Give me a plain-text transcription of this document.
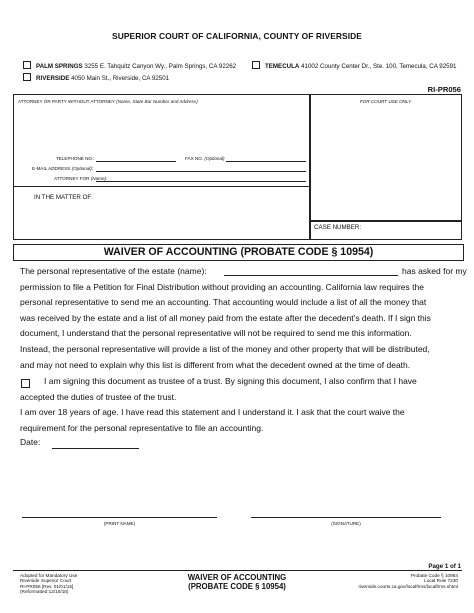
SUPERIOR COURT OF CALIFORNIA, COUNTY OF RIVERSIDE
PALM SPRINGS 3255 E. Tahquitz Canyon Wy., Palm Springs, CA 92262	TEMECULA 41002 County Center Dr., Ste. 100, Temecula, CA 92591
RIVERSIDE 4050 Main St., Riverside, CA 92501
RI-PR056
ATTORNEY OR PARTY WITHOUT ATTORNEY (Name, State Bar Number and Address)	FOR COURT USE ONLY
TELEPHONE NO.:	FAX NO. (Optional)
E-MAIL ADDRESS (Optional):
ATTORNEY FOR (Name):
IN THE MATTER OF:
CASE NUMBER:
WAIVER OF ACCOUNTING (PROBATE CODE § 10954)
The personal representative of the estate (name):	has asked for my
permission to file a Petition for Final Distribution without providing an accounting. California law requires the
personal representative to send me an accounting. That accounting would include a list of all the money that
was received by the estate and a list of all money paid from the estate after the decedent’s death. If I sign this
document, I understand that the personal representative will not be required to send me this information.
Instead, the personal representative will provide a list of the money and other property that will be distributed,
and may not need to explain why this list is different from what the decedent owned at the time of death.
I am signing this document as trustee of a trust. By signing this document, I also confirm that I have
accepted the duties of trustee of the trust.
I am over 18 years of age. I have read this statement and I understand it. I ask that the court waive the
requirement for the personal representative to file an accounting.
Date:
(PRINT NAME)	(SIGNATURE)
Page 1 of 1
Adopted for Mandatory Use
Riverside Superior Court
RI-PR056 [Rev. 01/01/15]
(Reformatted 12/10/18)
WAIVER OF ACCOUNTING
(PROBATE CODE § 10954)
Probate Code § 10954
Local Rule 7230
riverside.courts.ca.gov/localfrms/localfrms.shtml
